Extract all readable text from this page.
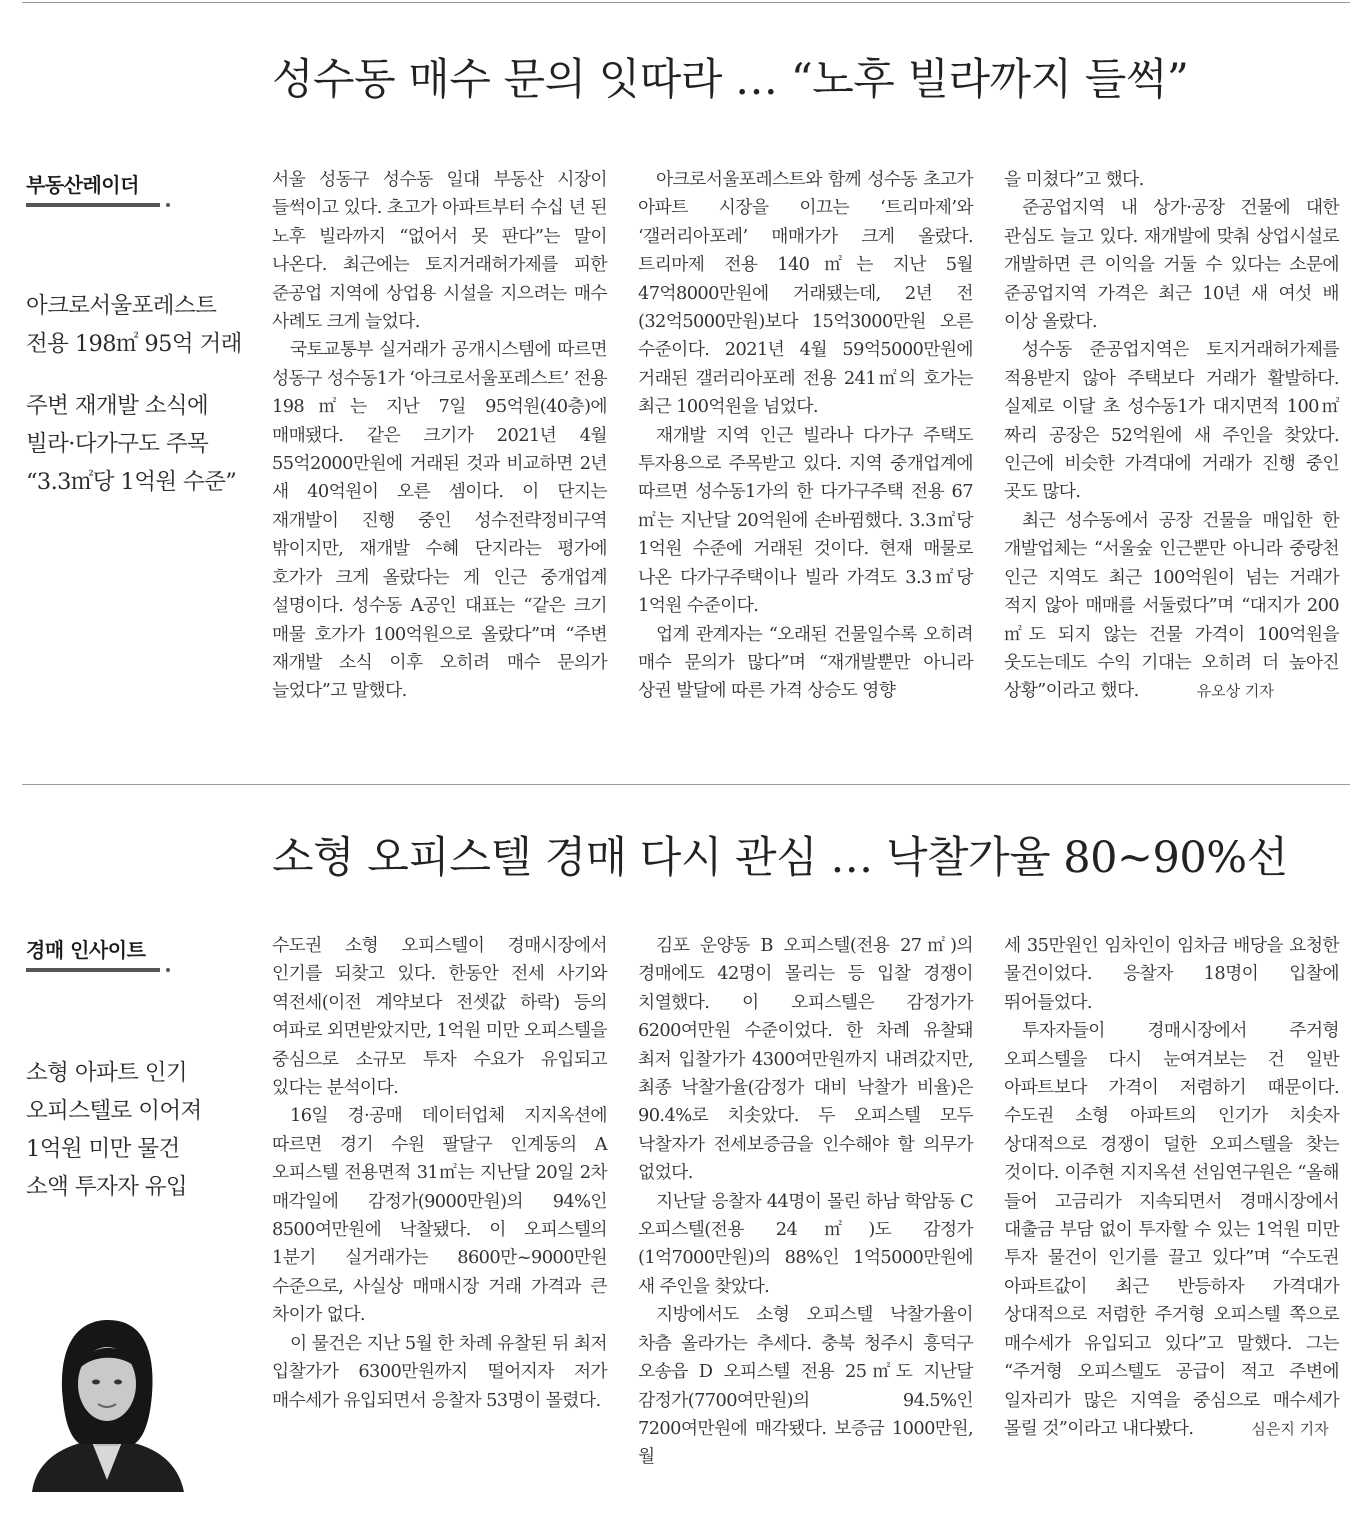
성수동 매수 문의 잇따라 … “노후 빌라까지 들썩”
부동산레이더

아크로서울포레스트

전용 198㎡ 95억 거래

주변 재개발 소식에

빌라·다가구도 주목

“3.3㎡당 1억원 수준”

서울 성동구 성수동 일대 부동산 시장이 들썩이고 있다. 초고가 아파트부터 수십 년 된 노후 빌라까지 “없어서 못 판다”는 말이 나온다. 최근에는 토지거래허가제를 피한 준공업 지역에 상업용 시설을 지으려는 매수 사례도 크게 늘었다.

국토교통부 실거래가 공개시스템에 따르면 성동구 성수동1가 ‘아크로서울포레스트’ 전용 198㎡는 지난 7일 95억원(40층)에 매매됐다. 같은 크기가 2021년 4월 55억2000만원에 거래된 것과 비교하면 2년 새 40억원이 오른 셈이다. 이 단지는 재개발이 진행 중인 성수전략정비구역 밖이지만, 재개발 수혜 단지라는 평가에 호가가 크게 올랐다는 게 인근 중개업계 설명이다. 성수동 A공인 대표는 “같은 크기 매물 호가가 100억원으로 올랐다”며 “주변 재개발 소식 이후 오히려 매수 문의가 늘었다”고 말했다.

아크로서울포레스트와 함께 성수동 초고가 아파트 시장을 이끄는 ‘트리마제’와 ‘갤러리아포레’ 매매가가 크게 올랐다. 트리마제 전용 140㎡는 지난 5월 47억8000만원에 거래됐는데, 2년 전(32억5000만원)보다 15억3000만원 오른 수준이다. 2021년 4월 59억5000만원에 거래된 갤러리아포레 전용 241㎡의 호가는 최근 100억원을 넘었다.

재개발 지역 인근 빌라나 다가구 주택도 투자용으로 주목받고 있다. 지역 중개업계에 따르면 성수동1가의 한 다가구주택 전용 67㎡는 지난달 20억원에 손바뀜했다. 3.3㎡당 1억원 수준에 거래된 것이다. 현재 매물로 나온 다가구주택이나 빌라 가격도 3.3㎡당 1억원 수준이다.

업계 관계자는 “오래된 건물일수록 오히려 매수 문의가 많다”며 “재개발뿐만 아니라 상권 발달에 따른 가격 상승도 영향

을 미쳤다”고 했다.

준공업지역 내 상가·공장 건물에 대한 관심도 늘고 있다. 재개발에 맞춰 상업시설로 개발하면 큰 이익을 거둘 수 있다는 소문에 준공업지역 가격은 최근 10년 새 여섯 배 이상 올랐다.

성수동 준공업지역은 토지거래허가제를 적용받지 않아 주택보다 거래가 활발하다. 실제로 이달 초 성수동1가 대지면적 100㎡짜리 공장은 52억원에 새 주인을 찾았다. 인근에 비슷한 가격대에 거래가 진행 중인 곳도 많다.

최근 성수동에서 공장 건물을 매입한 한 개발업체는 “서울숲 인근뿐만 아니라 중랑천 인근 지역도 최근 100억원이 넘는 거래가 적지 않아 매매를 서둘렀다”며 “대지가 200㎡도 되지 않는 건물 가격이 100억원을 웃도는데도 수익 기대는 오히려 더 높아진 상황”이라고 했다.	유오상 기자

소형 오피스텔 경매 다시 관심 … 낙찰가율 80~90%선
경매 인사이트

소형 아파트 인기

오피스텔로 이어져

1억원 미만 물건

소액 투자자 유입

수도권 소형 오피스텔이 경매시장에서 인기를 되찾고 있다. 한동안 전세 사기와 역전세(이전 계약보다 전셋값 하락) 등의 여파로 외면받았지만, 1억원 미만 오피스텔을 중심으로 소규모 투자 수요가 유입되고 있다는 분석이다.

16일 경·공매 데이터업체 지지옥션에 따르면 경기 수원 팔달구 인계동의 A 오피스텔 전용면적 31㎡는 지난달 20일 2차 매각일에 감정가(9000만원)의 94%인 8500여만원에 낙찰됐다. 이 오피스텔의 1분기 실거래가는 8600만~9000만원 수준으로, 사실상 매매시장 거래 가격과 큰 차이가 없다.

이 물건은 지난 5월 한 차례 유찰된 뒤 최저 입찰가가 6300만원까지 떨어지자 저가 매수세가 유입되면서 응찰자 53명이 몰렸다.

김포 운양동 B 오피스텔(전용 27㎡)의 경매에도 42명이 몰리는 등 입찰 경쟁이 치열했다. 이 오피스텔은 감정가가 6200여만원 수준이었다. 한 차례 유찰돼 최저 입찰가가 4300여만원까지 내려갔지만, 최종 낙찰가율(감정가 대비 낙찰가 비율)은 90.4%로 치솟았다. 두 오피스텔 모두 낙찰자가 전세보증금을 인수해야 할 의무가 없었다.

지난달 응찰자 44명이 몰린 하남 학암동 C 오피스텔(전용 24㎡)도 감정가(1억7000만원)의 88%인 1억5000만원에 새 주인을 찾았다.

지방에서도 소형 오피스텔 낙찰가율이 차츰 올라가는 추세다. 충북 청주시 흥덕구 오송읍 D 오피스텔 전용 25㎡도 지난달 감정가(7700여만원)의 94.5%인 7200여만원에 매각됐다. 보증금 1000만원, 월

세 35만원인 임차인이 임차금 배당을 요청한 물건이었다. 응찰자 18명이 입찰에 뛰어들었다.

투자자들이 경매시장에서 주거형 오피스텔을 다시 눈여겨보는 건 일반 아파트보다 가격이 저렴하기 때문이다. 수도권 소형 아파트의 인기가 치솟자 상대적으로 경쟁이 덜한 오피스텔을 찾는 것이다. 이주현 지지옥션 선임연구원은 “올해 들어 고금리가 지속되면서 경매시장에서 대출금 부담 없이 투자할 수 있는 1억원 미만 투자 물건이 인기를 끌고 있다”며 “수도권 아파트값이 최근 반등하자 가격대가 상대적으로 저렴한 주거형 오피스텔 쪽으로 매수세가 유입되고 있다”고 말했다. 그는 “주거형 오피스텔도 공급이 적고 주변에 일자리가 많은 지역을 중심으로 매수세가 몰릴 것”이라고 내다봤다.	심은지 기자
